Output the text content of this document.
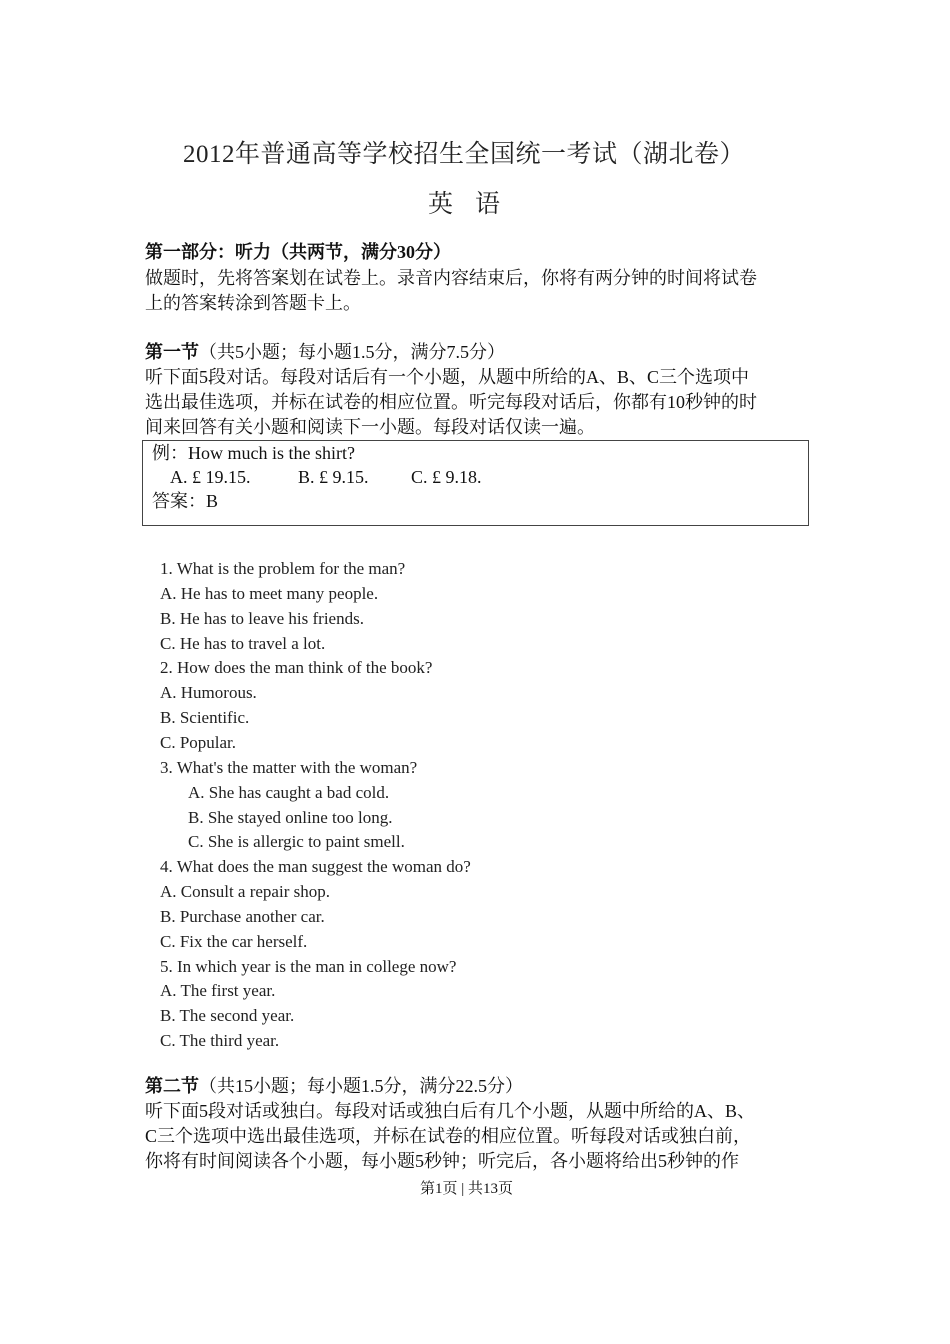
2012年普通高等学校招生全国统一考试（湖北卷）
英语
第一部分：听力（共两节，满分30分）
做题时，先将答案划在试卷上。录音内容结束后，你将有两分钟的时间将试卷
上的答案转涂到答题卡上。
第一节（共5小题；每小题1.5分，满分7.5分）
听下面5段对话。每段对话后有一个小题，从题中所给的A、B、C三个选项中
选出最佳选项，并标在试卷的相应位置。听完每段对话后，你都有10秒钟的时
间来回答有关小题和阅读下一小题。每段对话仅读一遍。
例：How much is the shirt?
A. £ 19.15.	B. £ 9.15. C. £ 9.18.
答案：B
1. What is the problem for the man?
A. He has to meet many people.
B. He has to leave his friends.
C. He has to travel a lot.
2. How does the man think of the book?
A. Humorous.
B. Scientific.
C. Popular.
3. What's the matter with the woman?
A. She has caught a bad cold.
B. She stayed online too long.
C. She is allergic to paint smell.
4. What does the man suggest the woman do?
A. Consult a repair shop.
B. Purchase another car.
C. Fix the car herself.
5. In which year is the man in college now?
A. The first year.
B. The second year.
C. The third year.
第二节（共15小题；每小题1.5分，满分22.5分）
听下面5段对话或独白。每段对话或独白后有几个小题，从题中所给的A、B、
C三个选项中选出最佳选项，并标在试卷的相应位置。听每段对话或独白前，
你将有时间阅读各个小题，每小题5秒钟；听完后，各小题将给出5秒钟的作
第1页 | 共13页
